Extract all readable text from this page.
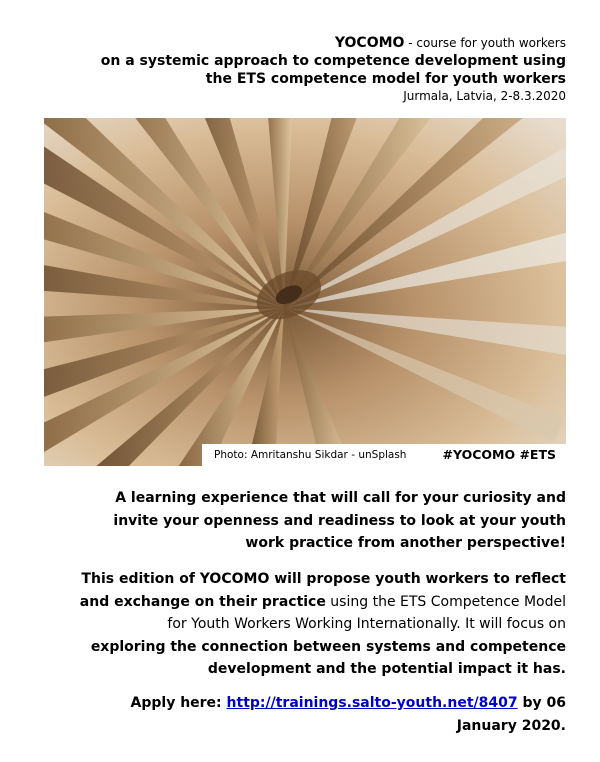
YOCOMO - course for youth workers
on a systemic approach to competence development using
the ETS competence model for youth workers
Jurmala, Latvia, 2-8.3.2020
Photo: Amritanshu Sikdar - unSplash	#YOCOMO #ETS
A learning experience that will call for your curiosity and
invite your openness and readiness to look at your youth
work practice from another perspective!
This edition of YOCOMO will propose youth workers to reflect
and exchange on their practice using the ETS Competence Model
for Youth Workers Working Internationally. It will focus on
exploring the connection between systems and competence
development and the potential impact it has.
Apply here: http://trainings.salto-youth.net/8407 by 06
January 2020.
